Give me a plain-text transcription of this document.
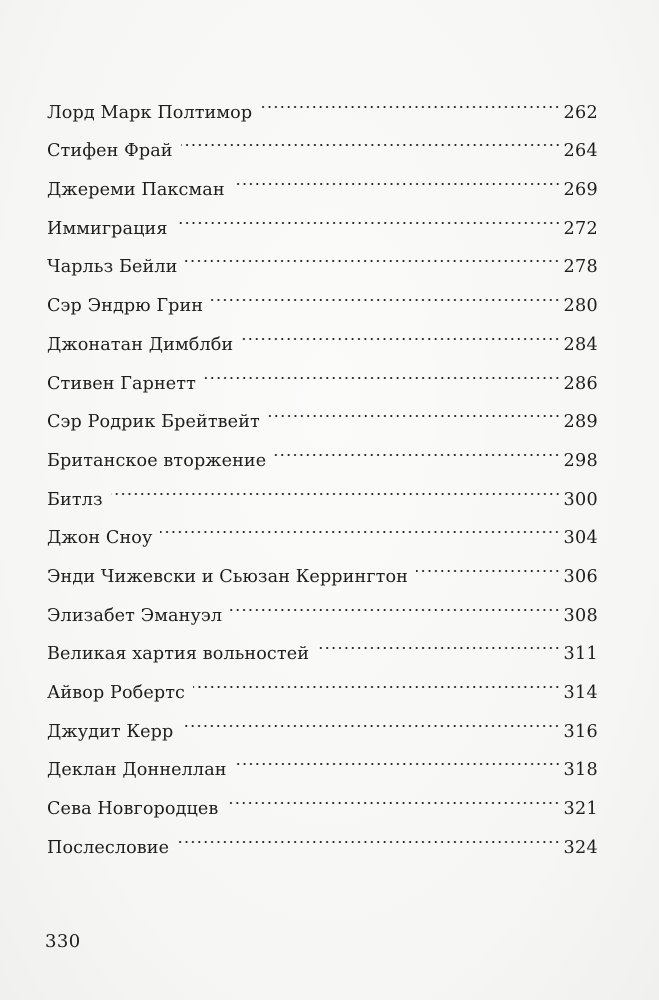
Лорд Марк Полтимор	262
Стифен Фрай	264
Джереми Паксман	269
Иммиграция	272
Чарльз Бейли	278
Сэр Эндрю Грин	280
Джонатан Димблби	284
Стивен Гарнетт	286
Сэр Родрик Брейтвейт	289
Британское вторжение	298
Битлз	300
Джон Сноу	304
Энди Чижевски и Сьюзан Керрингтон	306
Элизабет Эмануэл	308
Великая хартия вольностей	311
Айвор Робертс	314
Джудит Керр	316
Деклан Доннеллан	318
Сева Новгородцев	321
Послесловие	324
330
